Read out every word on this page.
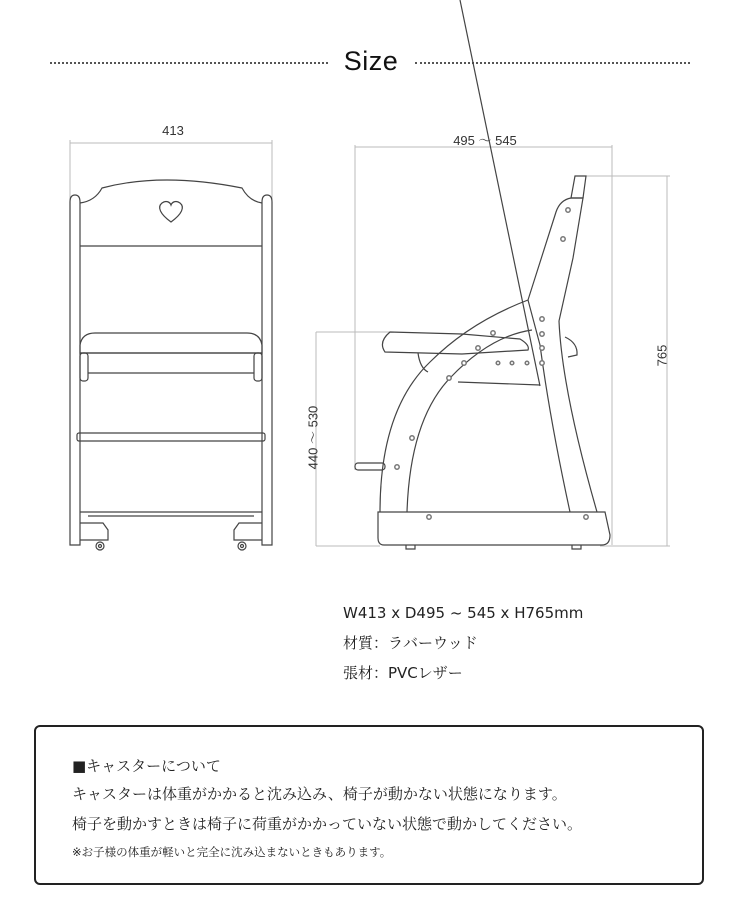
Size
413
495 ～ 545
765
440 ～ 530
W413 x D495 ~ 545 x H765mm
材質：ラバーウッド
張材：PVCレザー
■キャスターについて
キャスターは体重がかかると沈み込み、椅子が動かない状態になります。
椅子を動かすときは椅子に荷重がかかっていない状態で動かしてください。
※お子様の体重が軽いと完全に沈み込まないときもあります。
